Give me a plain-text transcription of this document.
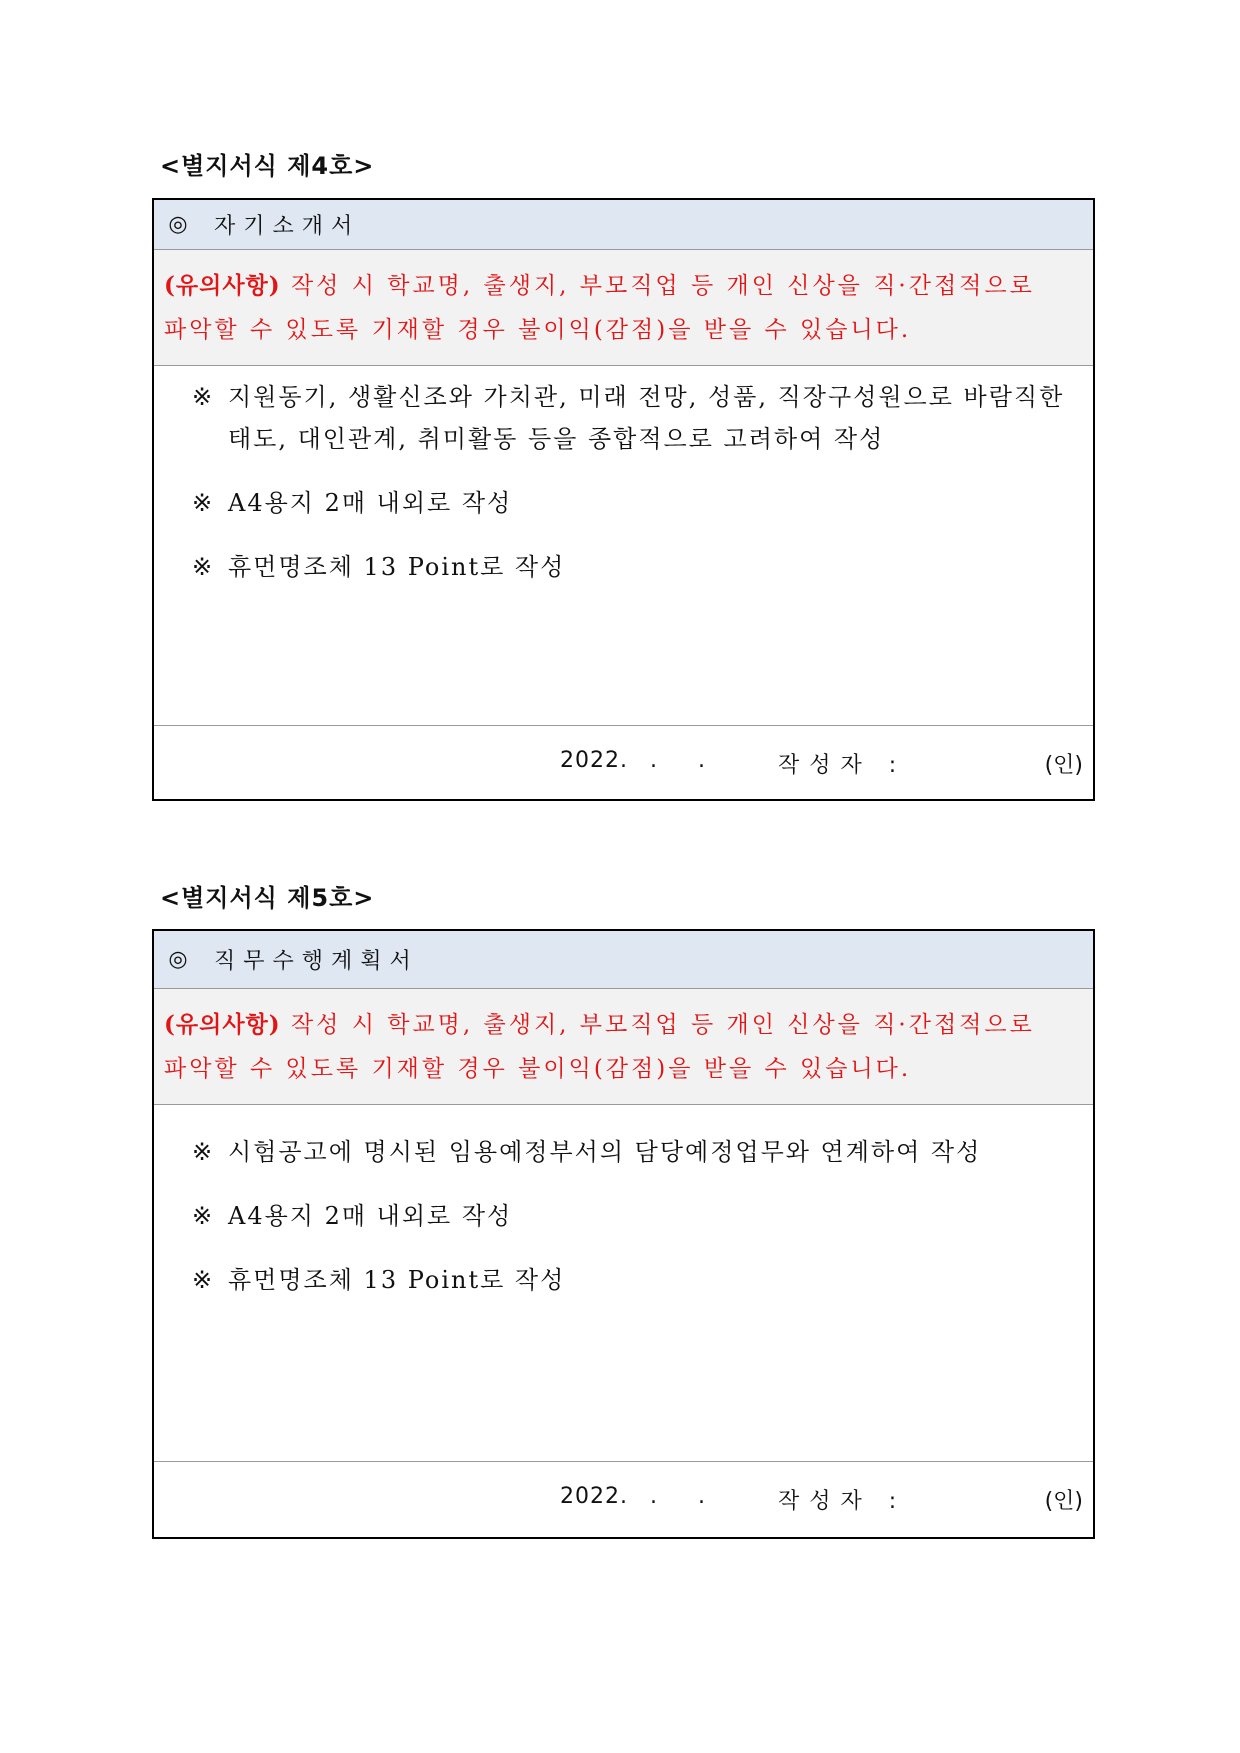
<별지서식 제4호>
◎ 자기소개서
(유의사항) 작성 시 학교명, 출생지, 부모직업 등 개인 신상을 직·간접적으로
파악할 수 있도록 기재할 경우 불이익(감점)을 받을 수 있습니다.
※ 지원동기, 생활신조와 가치관, 미래 전망, 성품, 직장구성원으로 바람직한 태도, 대인관계, 취미활동 등을 종합적으로 고려하여 작성
※ A4용지 2매 내외로 작성
※ 휴먼명조체 13 Point로 작성
2022. . .	작성자 :	(인)
<별지서식 제5호>
◎ 직무수행계획서
(유의사항) 작성 시 학교명, 출생지, 부모직업 등 개인 신상을 직·간접적으로
파악할 수 있도록 기재할 경우 불이익(감점)을 받을 수 있습니다.
※ 시험공고에 명시된 임용예정부서의 담당예정업무와 연계하여 작성
※ A4용지 2매 내외로 작성
※ 휴먼명조체 13 Point로 작성
2022. . .	작성자 :	(인)
